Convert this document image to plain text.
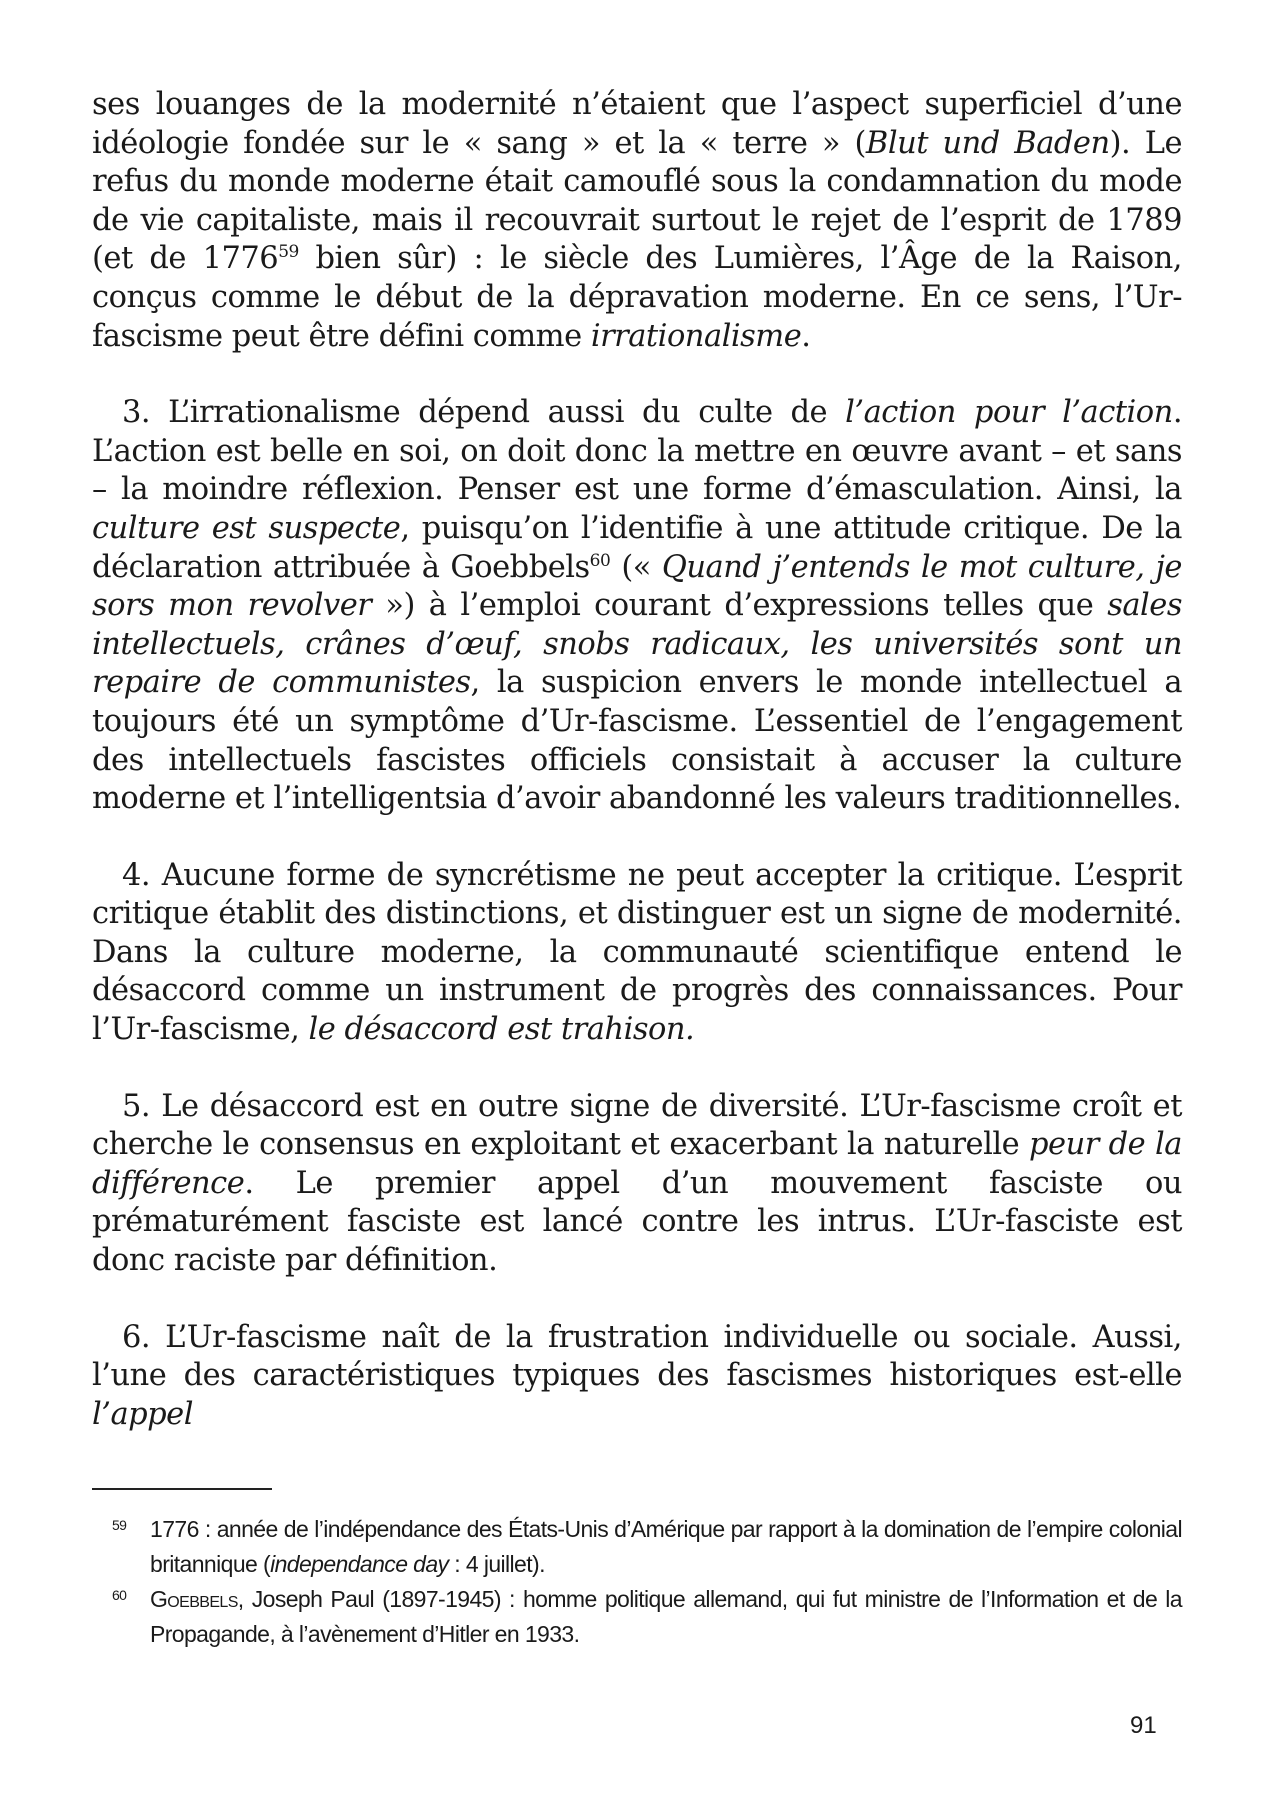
ses louanges de la modernité n’étaient que l’aspect superficiel d’une idéologie fondée sur le « sang » et la « terre » (Blut und Baden). Le refus du monde moderne était camouflé sous la condamnation du mode de vie capitaliste, mais il recouvrait surtout le rejet de l’esprit de 1789 (et de 1776$^{59}$ bien sûr) : le siècle des Lumières, l’Âge de la Raison, conçus comme le début de la dépravation moderne. En ce sens, l’Ur-fascisme peut être défini comme irrationalisme.

3. L’irrationalisme dépend aussi du culte de l’action pour l’action. L’action est belle en soi, on doit donc la mettre en œuvre avant – et sans – la moindre réflexion. Penser est une forme d’émasculation. Ainsi, la culture est suspecte, puisqu’on l’identifie à une attitude critique. De la déclaration attribuée à Goebbels$^{60}$ (« Quand j’entends le mot culture, je sors mon revolver ») à l’emploi courant d’expressions telles que sales intellectuels, crânes d’œuf, snobs radicaux, les universités sont un repaire de communistes, la suspicion envers le monde intellectuel a toujours été un symptôme d’Ur-fascisme. L’essentiel de l’engagement des intellectuels fascistes officiels consistait à accuser la culture moderne et l’intelligentsia d’avoir abandonné les valeurs traditionnelles.

4. Aucune forme de syncrétisme ne peut accepter la critique. L’esprit critique établit des distinctions, et distinguer est un signe de modernité. Dans la culture moderne, la communauté scientifique entend le désaccord comme un instrument de progrès des connaissances. Pour l’Ur-fascisme, le désaccord est trahison.

5. Le désaccord est en outre signe de diversité. L’Ur-fascisme croît et cherche le consensus en exploitant et exacerbant la naturelle peur de la différence. Le premier appel d’un mouvement fasciste ou prématurément fasciste est lancé contre les intrus. L’Ur-fasciste est donc raciste par définition.

6. L’Ur-fascisme naît de la frustration individuelle ou sociale. Aussi, l’une des caractéristiques typiques des fascismes historiques est-elle l’appel

59	1776 : année de l’indépendance des États-Unis d’Amérique par rapport à la domination de l’empire colonial britannique (independance day : 4 juillet).
60	Goebbels, Joseph Paul (1897-1945) : homme politique allemand, qui fut ministre de l’Information et de la Propagande, à l’avènement d’Hitler en 1933.
91
